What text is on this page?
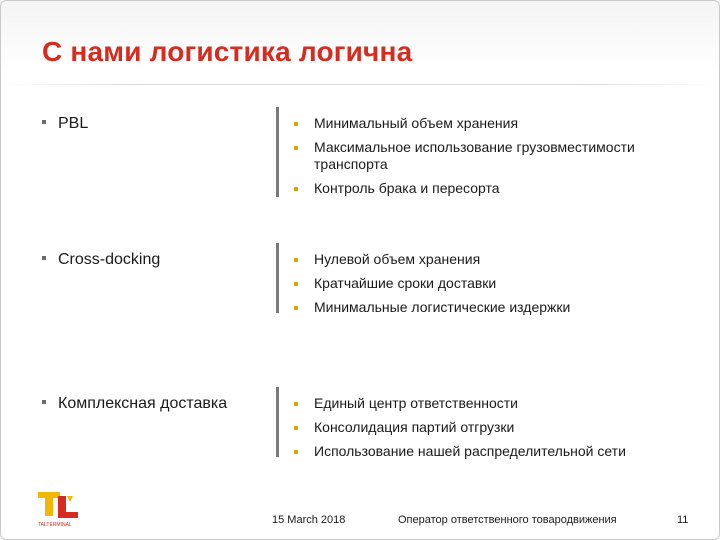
С нами логистика логична
PBL	Минимальный объем хранения
Максимальное использование грузовместимости транспорта
Контроль брака и пересорта
Cross-docking	Нулевой объем хранения
Кратчайшие сроки доставки
Минимальные логистические издержки
Комплексная доставка	Единый центр ответственности
Консолидация партий отгрузки
Использование нашей распределительной сети
TALTERMINAL	15 March 2018	Оператор ответственного товародвижения	11
